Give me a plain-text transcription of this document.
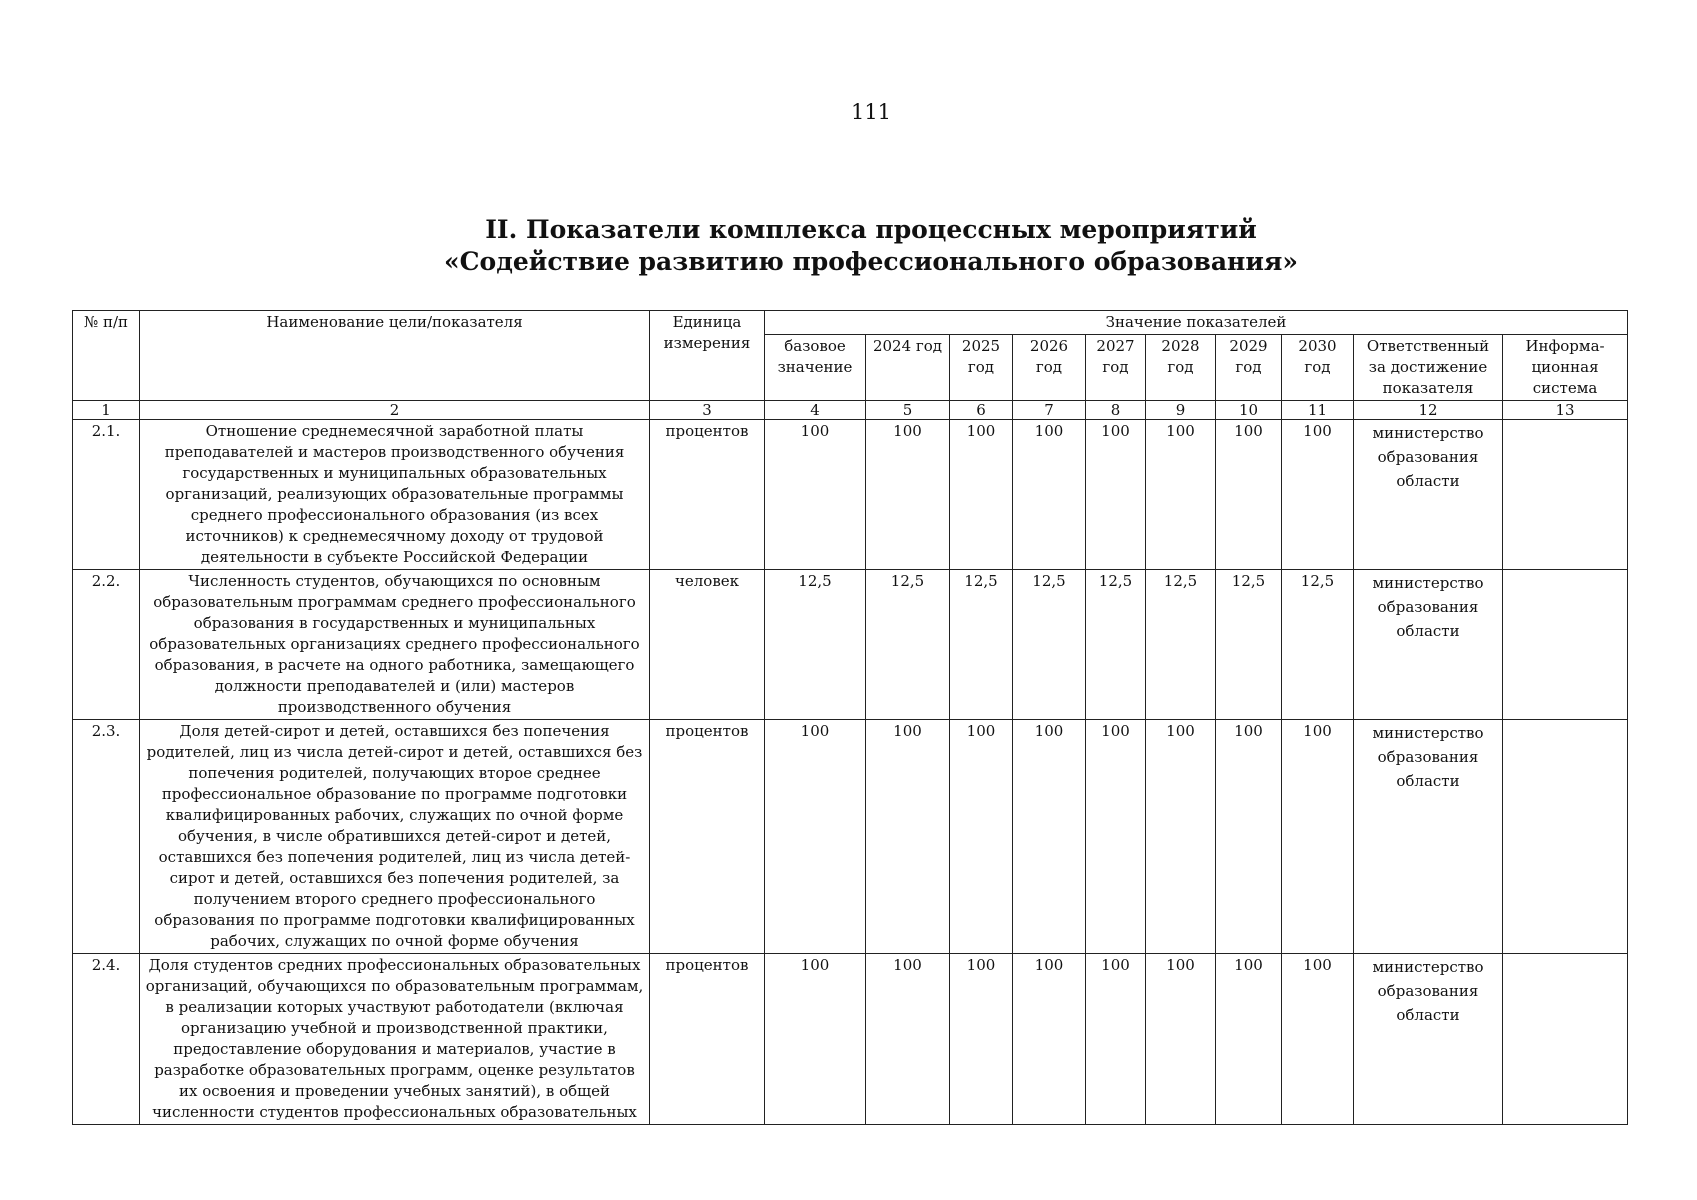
111
II. Показатели комплекса процессных мероприятий
«Содействие развитию профессионального образования»
№ п/п	Наименование цели/показателя	Единица измерения	Значение показателей									
			базовое значение	2024 год	2025 год	2026 год	2027 год	2028 год	2029 год	2030 год	Ответственный за достижение показателя	Информа-ционная система
1	2	3	4	5	6	7	8	9	10	11	12	13
2.1.	Отношение среднемесячной заработной платы преподавателей и мастеров производственного обучения государственных и муниципальных образовательных организаций, реализующих образовательные программы среднего профессионального образования (из всех источников) к среднемесячному доходу от трудовой деятельности в субъекте Российской Федерации	процентов	100	100	100	100	100	100	100	100	министерство образования области	
2.2.	Численность студентов, обучающихся по основным образовательным программам среднего профессионального образования в государственных и муниципальных образовательных организациях среднего профессионального образования, в расчете на одного работника, замещающего должности преподавателей и (или) мастеров производственного обучения	человек	12,5	12,5	12,5	12,5	12,5	12,5	12,5	12,5	министерство образования области	
2.3.	Доля детей-сирот и детей, оставшихся без попечения родителей, лиц из числа детей-сирот и детей, оставшихся без попечения родителей, получающих второе среднее профессиональное образование по программе подготовки квалифицированных рабочих, служащих по очной форме обучения, в числе обратившихся детей-сирот и детей, оставшихся без попечения родителей, лиц из числа детей-сирот и детей, оставшихся без попечения родителей, за получением второго среднего профессионального образования по программе подготовки квалифицированных рабочих, служащих по очной форме обучения	процентов	100	100	100	100	100	100	100	100	министерство образования области	
2.4.	Доля студентов средних профессиональных образовательных организаций, обучающихся по образовательным программам, в реализации которых участвуют работодатели (включая организацию учебной и производственной практики, предоставление оборудования и материалов, участие в разработке образовательных программ, оценке результатов их освоения и проведении учебных занятий), в общей численности студентов профессиональных образовательных	процентов	100	100	100	100	100	100	100	100	министерство образования области	
